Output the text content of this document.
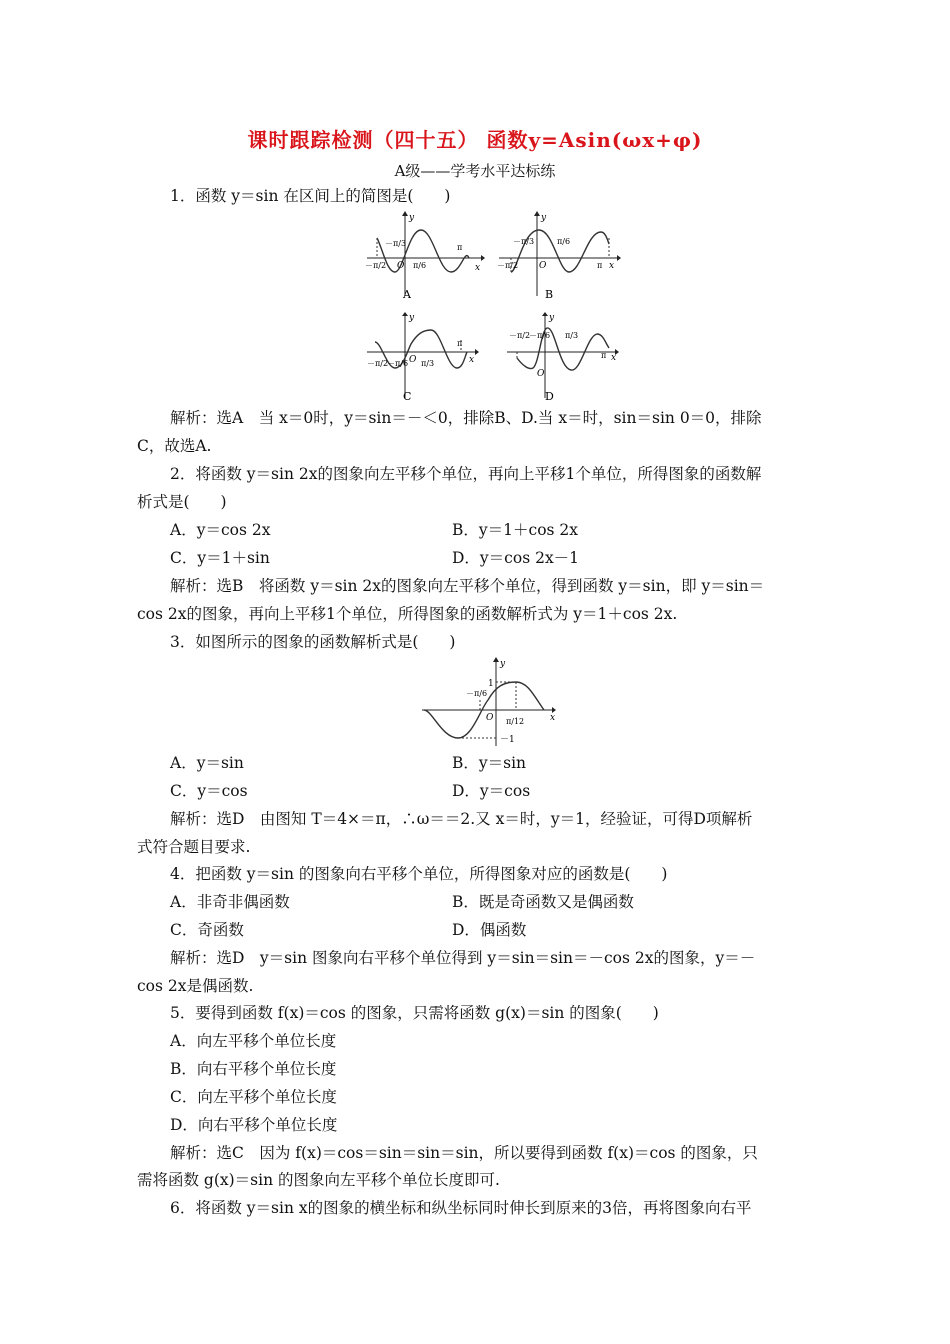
课时跟踪检测（四十五） 函数y=Asin(ωx+φ)
A级——学考水平达标练
1．函数 y＝sin 在区间上的简图是(　　)
y
x
－π/3
－π/2 O π/6
π
A
y
x
－π/3	π/6
－π/2 O	π
B
y
x
－π/2
－π/6 O π/3
π
C
y
－π/2
－π/6 π/3
π x
O
D
解析：选A　当 x＝0时，y＝sin＝－＜0，排除B、D.当 x＝时，sin＝sin 0＝0，排除
C，故选A.
2．将函数 y＝sin 2x的图象向左平移个单位，再向上平移1个单位，所得图象的函数解
析式是(　　)
A．y＝cos 2x	B．y＝1＋cos 2x
C．y＝1＋sin	D．y＝cos 2x－1
解析：选B　将函数 y＝sin 2x的图象向左平移个单位，得到函数 y＝sin，即 y＝sin＝
cos 2x的图象，再向上平移1个单位，所得图象的函数解析式为 y＝1＋cos 2x.
3．如图所示的图象的函数解析式是(　　)
y
x
1
－π/6
O π/12
－1
A．y＝sin	B．y＝sin
C．y＝cos	D．y＝cos
解析：选D　由图知 T＝4×＝π，∴ω＝＝2.又 x＝时，y＝1，经验证，可得D项解析
式符合题目要求.
4．把函数 y＝sin 的图象向右平移个单位，所得图象对应的函数是(　　)
A．非奇非偶函数	B．既是奇函数又是偶函数
C．奇函数	D．偶函数
解析：选D　y＝sin 图象向右平移个单位得到 y＝sin＝sin＝－cos 2x的图象，y＝－
cos 2x是偶函数.
5．要得到函数 f(x)＝cos 的图象，只需将函数 g(x)＝sin 的图象(　　)
A．向左平移个单位长度
B．向右平移个单位长度
C．向左平移个单位长度
D．向右平移个单位长度
解析：选C　因为 f(x)＝cos＝sin＝sin＝sin，所以要得到函数 f(x)＝cos 的图象，只
需将函数 g(x)＝sin 的图象向左平移个单位长度即可.
6．将函数 y＝sin x的图象的横坐标和纵坐标同时伸长到原来的3倍，再将图象向右平
